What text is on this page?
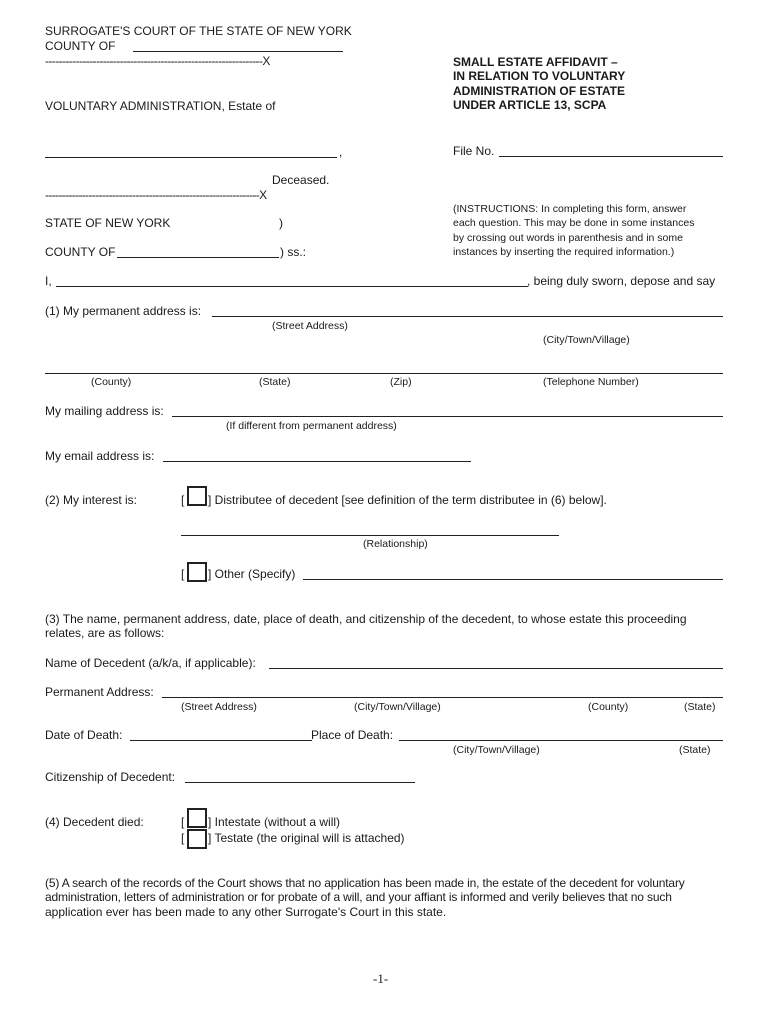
SURROGATE'S COURT OF THE STATE OF NEW YORK
COUNTY OF
----------------------------------------------------------------X
VOLUNTARY ADMINISTRATION, Estate of
,
Deceased.
----------------------------------------------------------------X
STATE OF NEW YORK	)
COUNTY OF	) ss.:
SMALL ESTATE AFFIDAVIT –
IN RELATION TO VOLUNTARY
ADMINISTRATION OF ESTATE
UNDER ARTICLE 13, SCPA
File No.
(INSTRUCTIONS: In completing this form, answer
each question. This may be done in some instances
by crossing out words in parenthesis and in some
instances by inserting the required information.)
I,	, being duly sworn, depose and say
(1) My permanent address is:
(Street Address)
(City/Town/Village)
(County)	(State)	(Zip)	(Telephone Number)
My mailing address is:
(If different from permanent address)
My email address is:
(2) My interest is:	[ ] Distributee of decedent [see definition of the term distributee in (6) below].
(Relationship)
[ ] Other (Specify)
(3) The name, permanent address, date, place of death, and citizenship of the decedent, to whose estate this proceeding
relates, are as follows:
Name of Decedent (a/k/a, if applicable):
Permanent Address:
(Street Address)	(City/Town/Village)	(County)	(State)
Date of Death:	Place of Death:
(City/Town/Village)	(State)
Citizenship of Decedent:
(4) Decedent died:	[ ] Intestate (without a will)
[ ] Testate (the original will is attached)
(5) A search of the records of the Court shows that no application has been made in, the estate of the decedent for voluntary
administration, letters of administration or for probate of a will, and your affiant is informed and verily believes that no such
application ever has been made to any other Surrogate's Court in this state.
-1-
